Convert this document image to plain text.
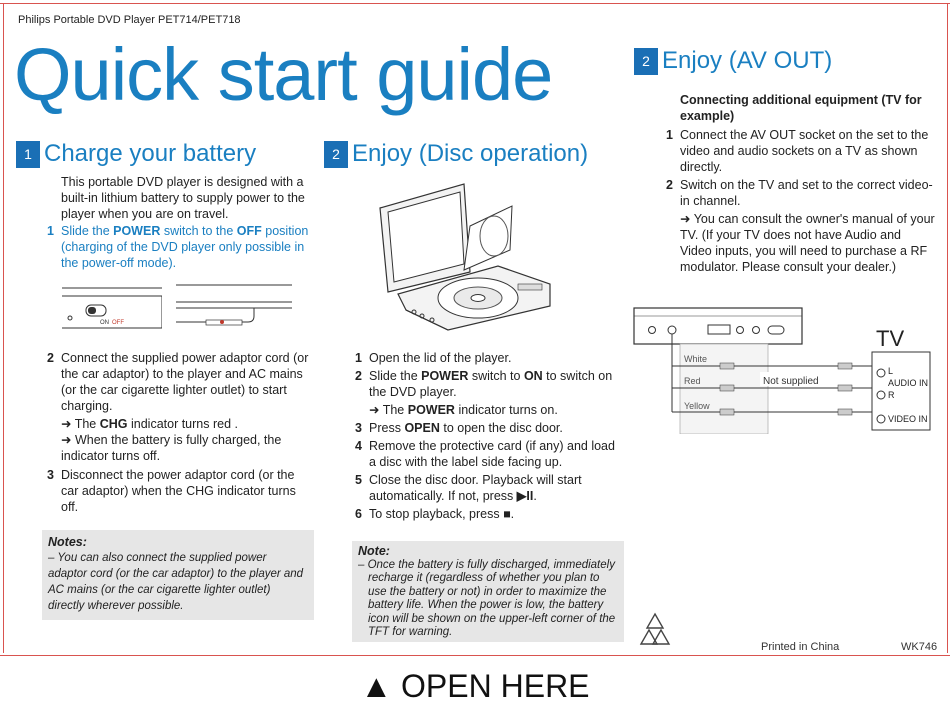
Philips Portable DVD Player PET714/PET718
Quick start guide
1 Charge your battery
This portable DVD player is designed with a built-in lithium battery to supply power to the player when you are on travel.
1 Slide the POWER switch to the OFF position (charging of the DVD player only possible in the power-off mode).
ON OFF
2 Connect the supplied power adaptor cord (or the car adaptor) to the player and AC mains (or the car cigarette lighter outlet) to start charging.
➜ The CHG indicator turns red .
➜ When the battery is fully charged, the indicator turns off.
3 Disconnect the power adaptor cord (or the car adaptor) when the CHG indicator turns off.
Notes:
– You can also connect the supplied power adaptor cord (or the car adaptor) to the player and AC mains (or the car cigarette lighter outlet) directly wherever possible.
2 Enjoy (Disc operation)
1 Open the lid of the player.
2 Slide the POWER switch to ON to switch on the DVD player.
➜ The POWER indicator turns on.
3 Press OPEN to open the disc door.
4 Remove the protective card (if any) and load a disc with the label side facing up.
5 Close the disc door. Playback will start automatically. If not, press ▶II.
6 To stop playback, press ■.
Note:
– Once the battery is fully discharged, immediately recharge it (regardless of whether you plan to use the battery or not) in order to maximize the battery life. When the power is low, the battery icon will be shown on the upper-left corner of the TFT for warning.
2 Enjoy (AV OUT)
Connecting additional equipment (TV for example)
1 Connect the AV OUT socket on the set to the video and audio sockets on a TV as shown directly.
2 Switch on the TV and set to the correct video-in channel.
➜ You can consult the owner's manual of your TV. (If your TV does not have Audio and Video inputs, you will need to purchase a RF modulator. Please consult your dealer.)
White
Red
Yellow
Not supplied
TV
L
AUDIO IN
R
VIDEO IN
Printed in China	WK746
▲ OPEN HERE
